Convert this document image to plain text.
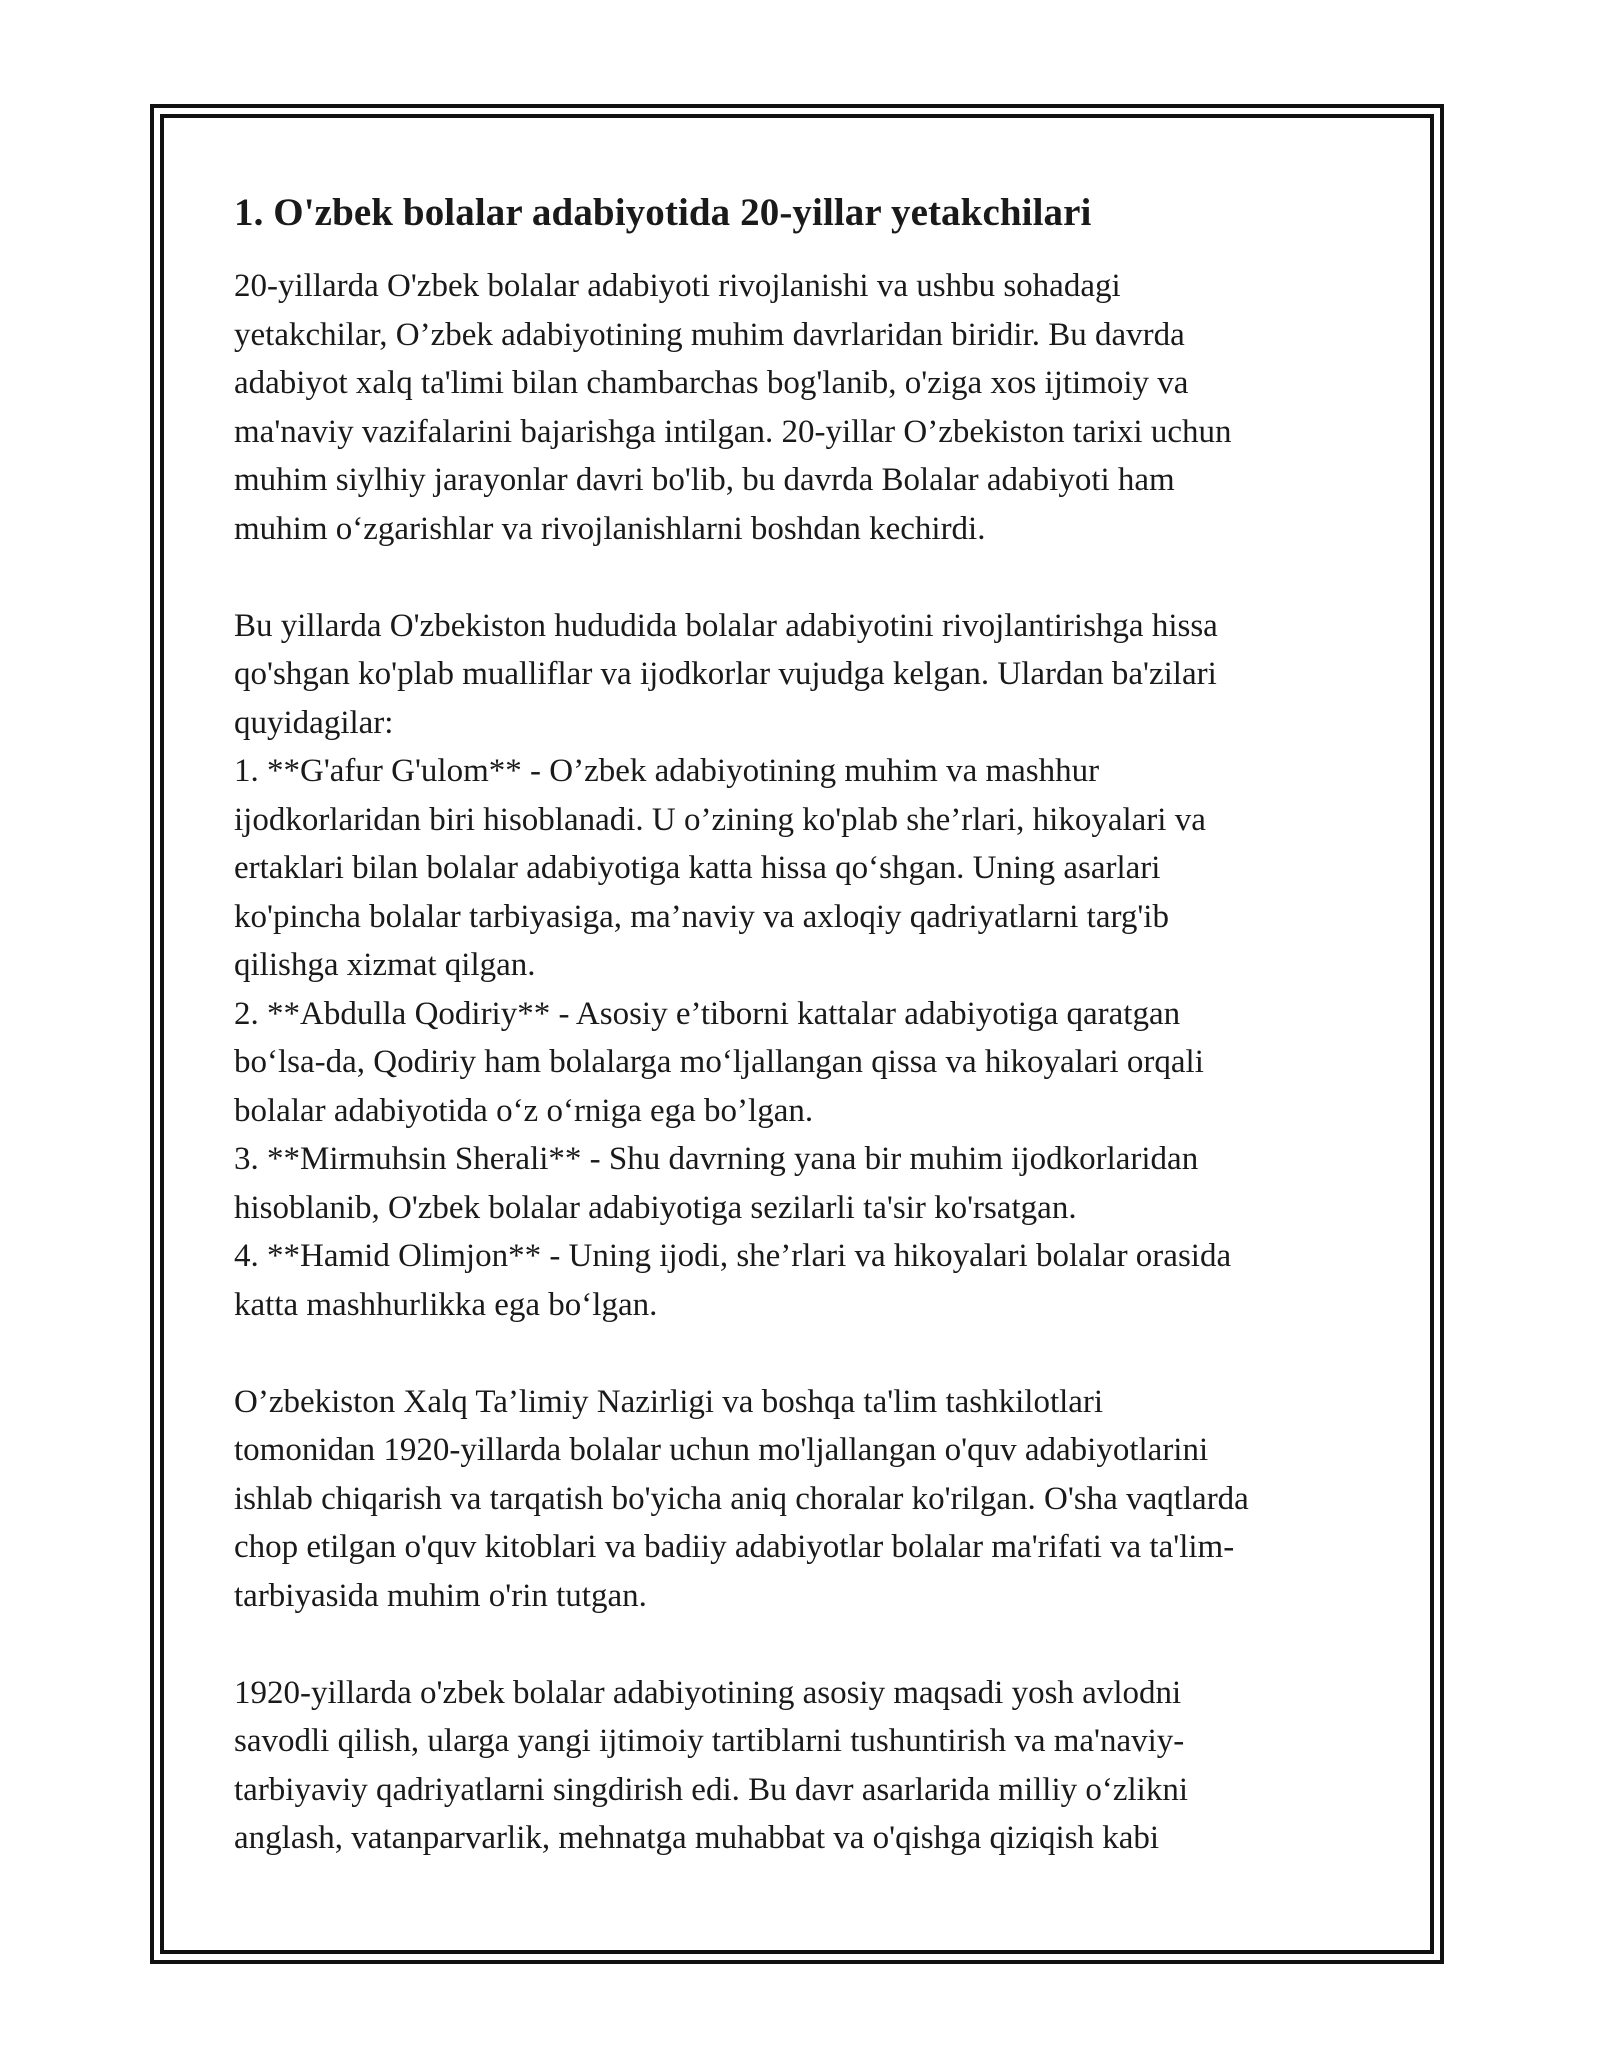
1. O'zbek bolalar adabiyotida 20-yillar yetakchilari
20-yillarda O'zbek bolalar adabiyoti rivojlanishi va ushbu sohadagi
yetakchilar, O’zbek adabiyotining muhim davrlaridan biridir. Bu davrda
adabiyot xalq ta'limi bilan chambarchas bog'lanib, o'ziga xos ijtimoiy va
ma'naviy vazifalarini bajarishga intilgan. 20-yillar O’zbekiston tarixi uchun
muhim siylhiy jarayonlar davri bo'lib, bu davrda Bolalar adabiyoti ham
muhim o‘zgarishlar va rivojlanishlarni boshdan kechirdi.
Bu yillarda O'zbekiston hududida bolalar adabiyotini rivojlantirishga hissa
qo'shgan ko'plab mualliflar va ijodkorlar vujudga kelgan. Ulardan ba'zilari
quyidagilar:
1. **G'afur G'ulom** - O’zbek adabiyotining muhim va mashhur
ijodkorlaridan biri hisoblanadi. U o’zining ko'plab she’rlari, hikoyalari va
ertaklari bilan bolalar adabiyotiga katta hissa qo‘shgan. Uning asarlari
ko'pincha bolalar tarbiyasiga, ma’naviy va axloqiy qadriyatlarni targ'ib
qilishga xizmat qilgan.
2. **Abdulla Qodiriy** - Asosiy e’tiborni kattalar adabiyotiga qaratgan
bo‘lsa-da, Qodiriy ham bolalarga mo‘ljallangan qissa va hikoyalari orqali
bolalar adabiyotida o‘z o‘rniga ega bo’lgan.
3. **Mirmuhsin Sherali** - Shu davrning yana bir muhim ijodkorlaridan
hisoblanib, O'zbek bolalar adabiyotiga sezilarli ta'sir ko'rsatgan.
4. **Hamid Olimjon** - Uning ijodi, she’rlari va hikoyalari bolalar orasida
katta mashhurlikka ega bo‘lgan.
O’zbekiston Xalq Ta’limiy Nazirligi va boshqa ta'lim tashkilotlari
tomonidan 1920-yillarda bolalar uchun mo'ljallangan o'quv adabiyotlarini
ishlab chiqarish va tarqatish bo'yicha aniq choralar ko'rilgan. O'sha vaqtlarda
chop etilgan o'quv kitoblari va badiiy adabiyotlar bolalar ma'rifati va ta'lim-
tarbiyasida muhim o'rin tutgan.
1920-yillarda o'zbek bolalar adabiyotining asosiy maqsadi yosh avlodni
savodli qilish, ularga yangi ijtimoiy tartiblarni tushuntirish va ma'naviy-
tarbiyaviy qadriyatlarni singdirish edi. Bu davr asarlarida milliy o‘zlikni
anglash, vatanparvarlik, mehnatga muhabbat va o'qishga qiziqish kabi
